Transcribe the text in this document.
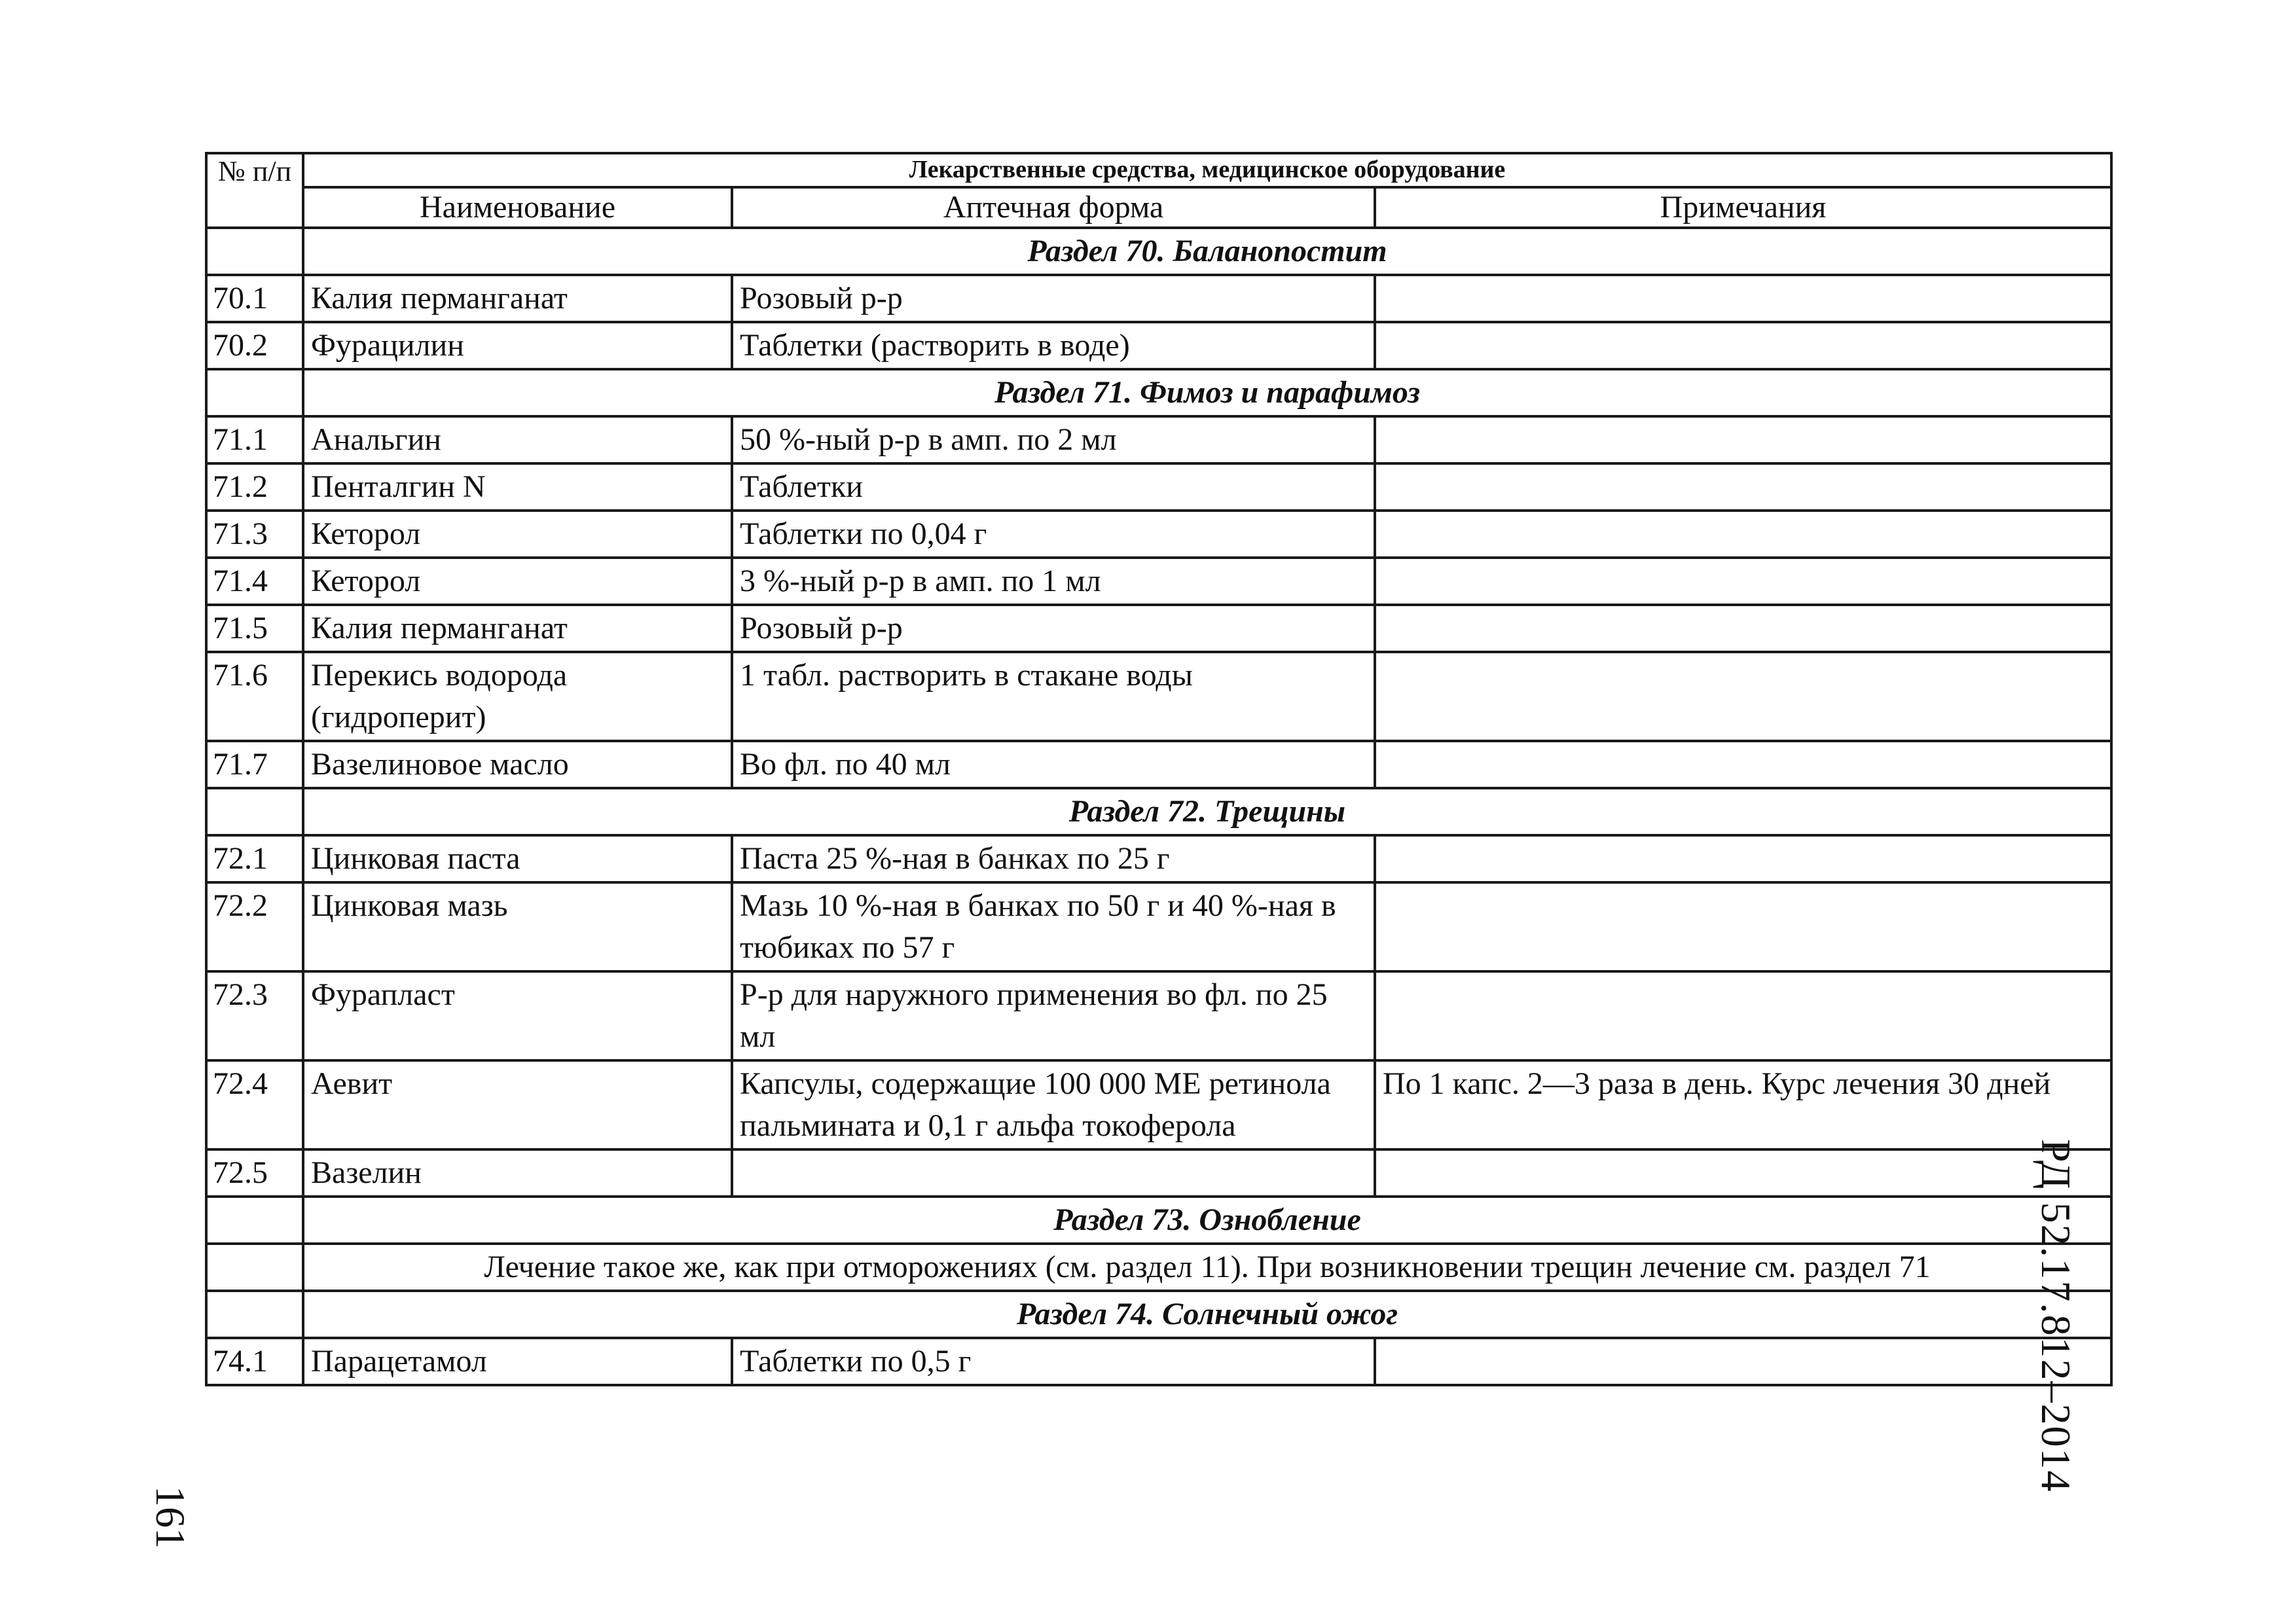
№ п/п	Лекарственные средства, медицинское оборудование		
	Наименование	Аптечная форма	Примечания
	Раздел 70. Баланопостит		
70.1	Калия перманганат	Розовый р-р	
70.2	Фурацилин	Таблетки (растворить в воде)	
	Раздел 71. Фимоз и парафимоз		
71.1	Анальгин	50 %-ный р-р в амп. по 2 мл	
71.2	Пенталгин N	Таблетки	
71.3	Кеторол	Таблетки по 0,04 г	
71.4	Кеторол	3 %-ный р-р в амп. по 1 мл	
71.5	Калия перманганат	Розовый р-р	
71.6	Перекись водорода (гидроперит)	1 табл. растворить в стакане воды	
71.7	Вазелиновое масло	Во фл. по 40 мл	
	Раздел 72. Трещины		
72.1	Цинковая паста	Паста 25 %-ная в банках по 25 г	
72.2	Цинковая мазь	Мазь 10 %-ная в банках по 50 г и 40 %-ная в тюбиках по 57 г	
72.3	Фурапласт	Р-р для наружного применения во фл. по 25 мл	
72.4	Аевит	Капсулы, содержащие 100 000 МЕ ретинола пальмината и 0,1 г альфа токоферола	По 1 капс. 2—3 раза в день. Курс лечения 30 дней
72.5	Вазелин		
	Раздел 73. Ознобление		
	Лечение такое же, как при отморожениях (см. раздел 11). При возникновении трещин лечение см. раздел 71		
	Раздел 74. Солнечный ожог		
74.1	Парацетамол	Таблетки по 0,5 г		РД 52.17.812–2014
161
